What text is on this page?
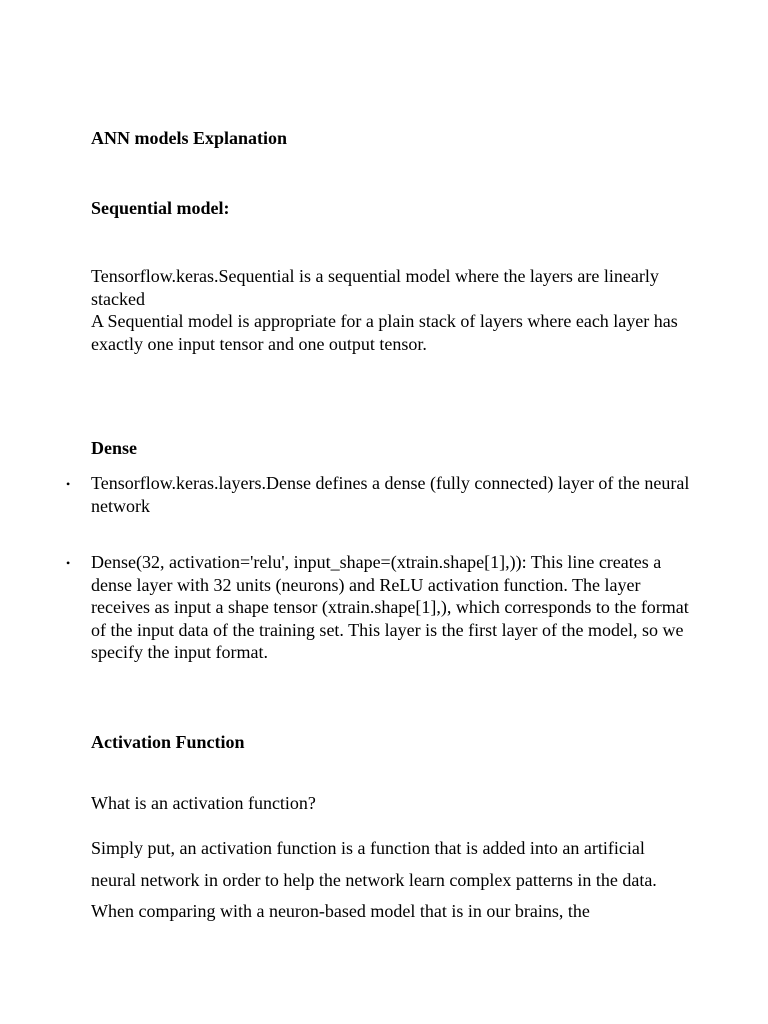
ANN models Explanation
Sequential model:
Tensorflow.keras.Sequential is a sequential model where the layers are linearly stacked
A Sequential model is appropriate for a plain stack of layers where each layer has exactly one input tensor and one output tensor.
Dense
• Tensorflow.keras.layers.Dense defines a dense (fully connected) layer of the neural network
• Dense(32, activation='relu', input_shape=(xtrain.shape[1],)): This line creates a dense layer with 32 units (neurons) and ReLU activation function. The layer receives as input a shape tensor (xtrain.shape[1],), which corresponds to the format of the input data of the training set. This layer is the first layer of the model, so we specify the input format.
Activation Function
What is an activation function?
Simply put, an activation function is a function that is added into an artificial neural network in order to help the network learn complex patterns in the data. When comparing with a neuron-based model that is in our brains, the
